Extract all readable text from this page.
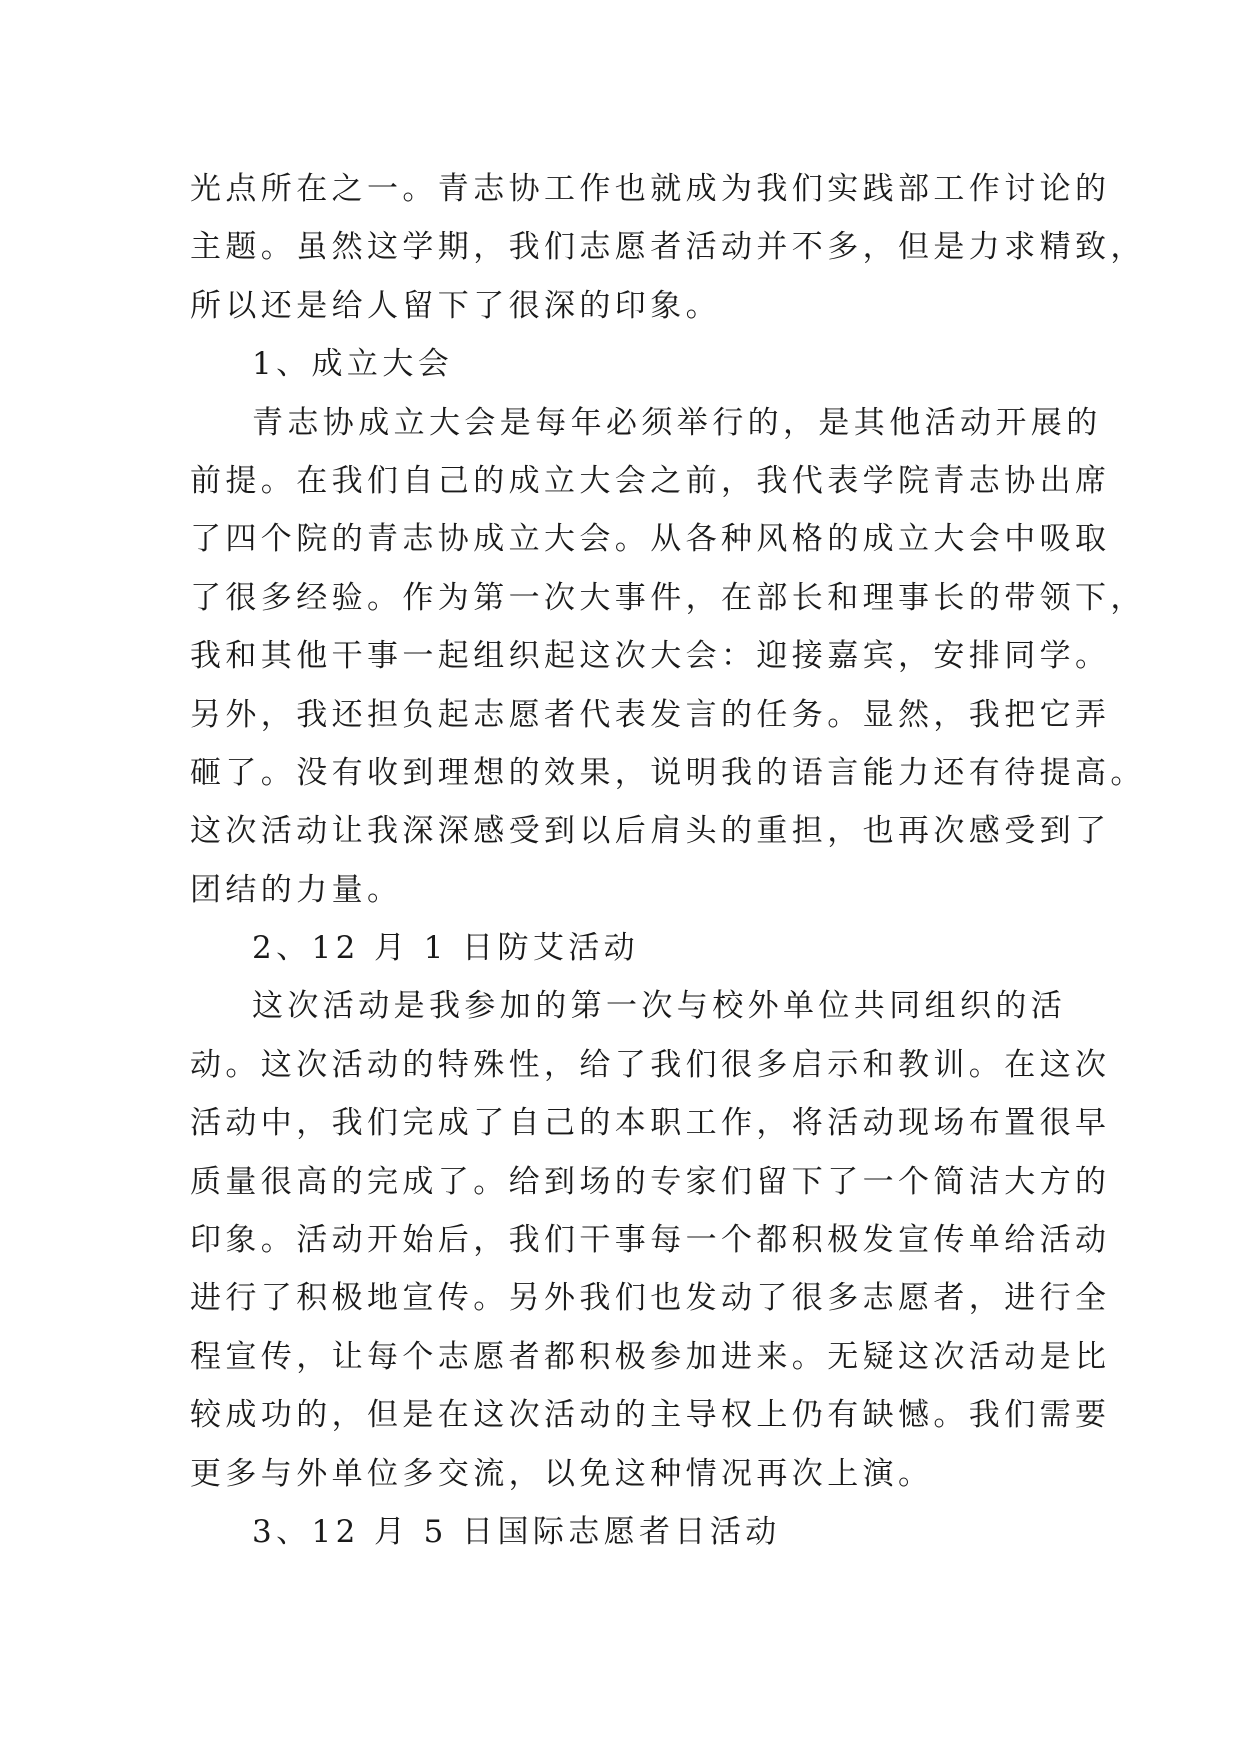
光点所在之一。青志协工作也就成为我们实践部工作讨论的
主题。虽然这学期，我们志愿者活动并不多，但是力求精致，
所以还是给人留下了很深的印象。
1、成立大会
青志协成立大会是每年必须举行的，是其他活动开展的
前提。在我们自己的成立大会之前，我代表学院青志协出席
了四个院的青志协成立大会。从各种风格的成立大会中吸取
了很多经验。作为第一次大事件，在部长和理事长的带领下，
我和其他干事一起组织起这次大会：迎接嘉宾，安排同学。
另外，我还担负起志愿者代表发言的任务。显然，我把它弄
砸了。没有收到理想的效果，说明我的语言能力还有待提高。
这次活动让我深深感受到以后肩头的重担，也再次感受到了
团结的力量。
2、12 月 1 日防艾活动
这次活动是我参加的第一次与校外单位共同组织的活
动。这次活动的特殊性，给了我们很多启示和教训。在这次
活动中，我们完成了自己的本职工作，将活动现场布置很早
质量很高的完成了。给到场的专家们留下了一个简洁大方的
印象。活动开始后，我们干事每一个都积极发宣传单给活动
进行了积极地宣传。另外我们也发动了很多志愿者，进行全
程宣传，让每个志愿者都积极参加进来。无疑这次活动是比
较成功的，但是在这次活动的主导权上仍有缺憾。我们需要
更多与外单位多交流，以免这种情况再次上演。
3、12 月 5 日国际志愿者日活动
